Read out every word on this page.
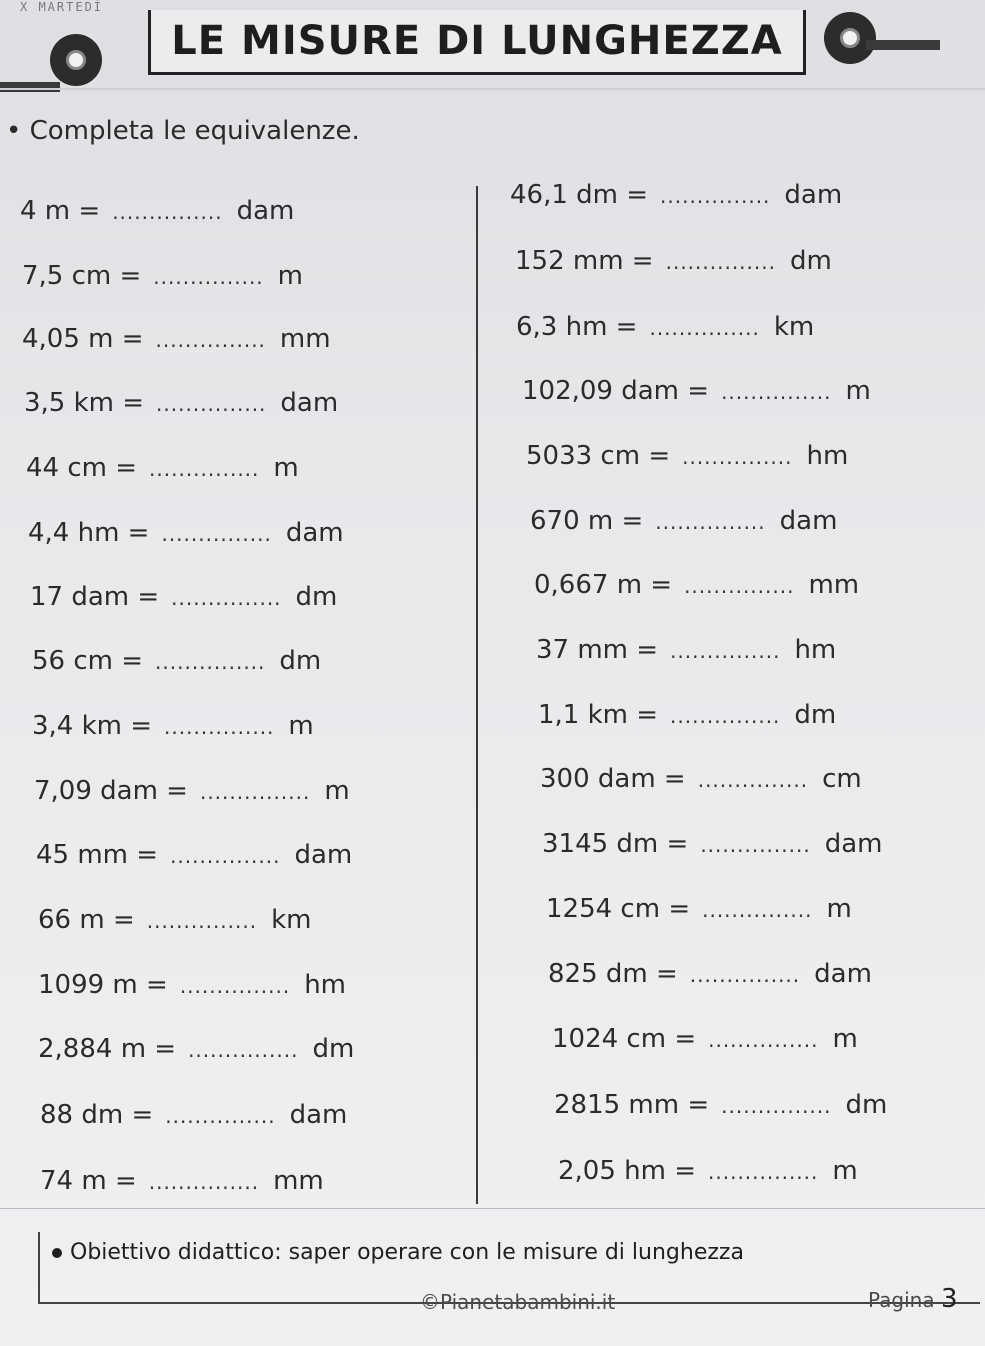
X MARTEDÌ
LE MISURE DI LUNGHEZZA
• Completa le equivalenze.
4 m = ............... dam
7,5 cm = ............... m
4,05 m = ............... mm
3,5 km = ............... dam
44 cm = ............... m
4,4 hm = ............... dam
17 dam = ............... dm
56 cm = ............... dm
3,4 km = ............... m
7,09 dam = ............... m
45 mm = ............... dam
66 m = ............... km
1099 m = ............... hm
2,884 m = ............... dm
88 dm = ............... dam
74 m = ............... mm
46,1 dm = ............... dam
152 mm = ............... dm
6,3 hm = ............... km
102,09 dam = ............... m
5033 cm = ............... hm
670 m = ............... dam
0,667 m = ............... mm
37 mm = ............... hm
1,1 km = ............... dm
300 dam = ............... cm
3145 dm = ............... dam
1254 cm = ............... m
825 dm = ............... dam
1024 cm = ............... m
2815 mm = ............... dm
2,05 hm = ............... m
Obiettivo didattico: saper operare con le misure di lunghezza
©Pianetabambini.it	Pagina 3
